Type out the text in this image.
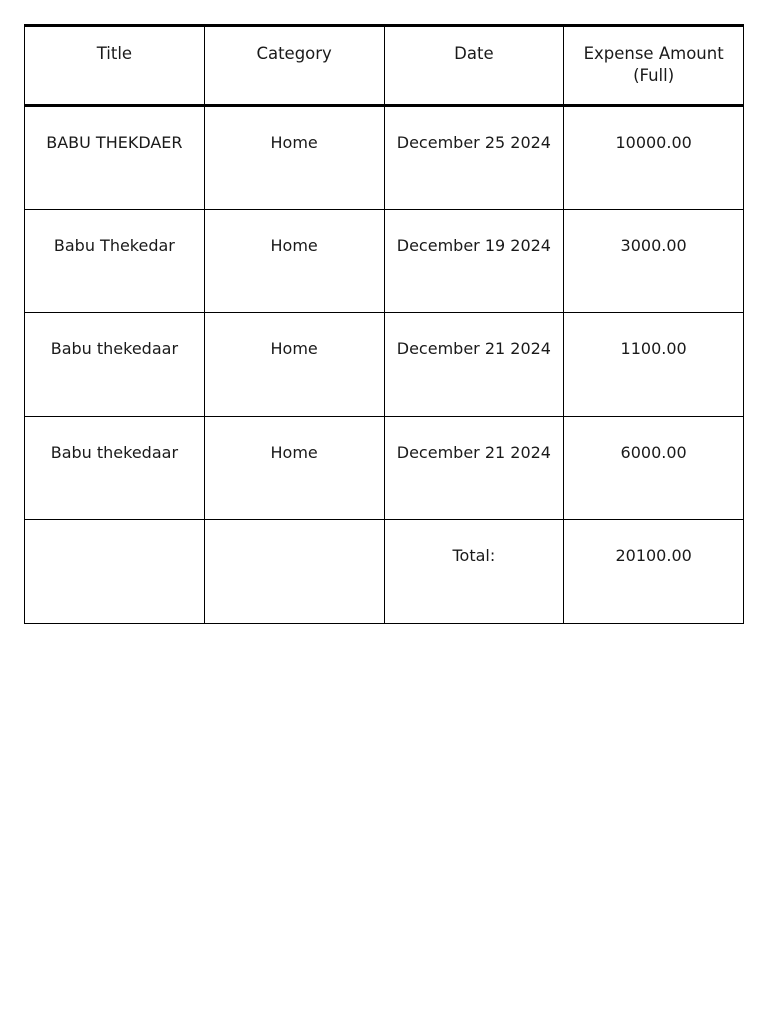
Title	Category	Date	Expense Amount
(Full)
BABU THEKDAER	Home	December 25 2024	10000.00
Babu Thekedar	Home	December 19 2024	3000.00
Babu thekedaar	Home	December 21 2024	1100.00
Babu thekedaar	Home	December 21 2024	6000.00
		Total:	20100.00
